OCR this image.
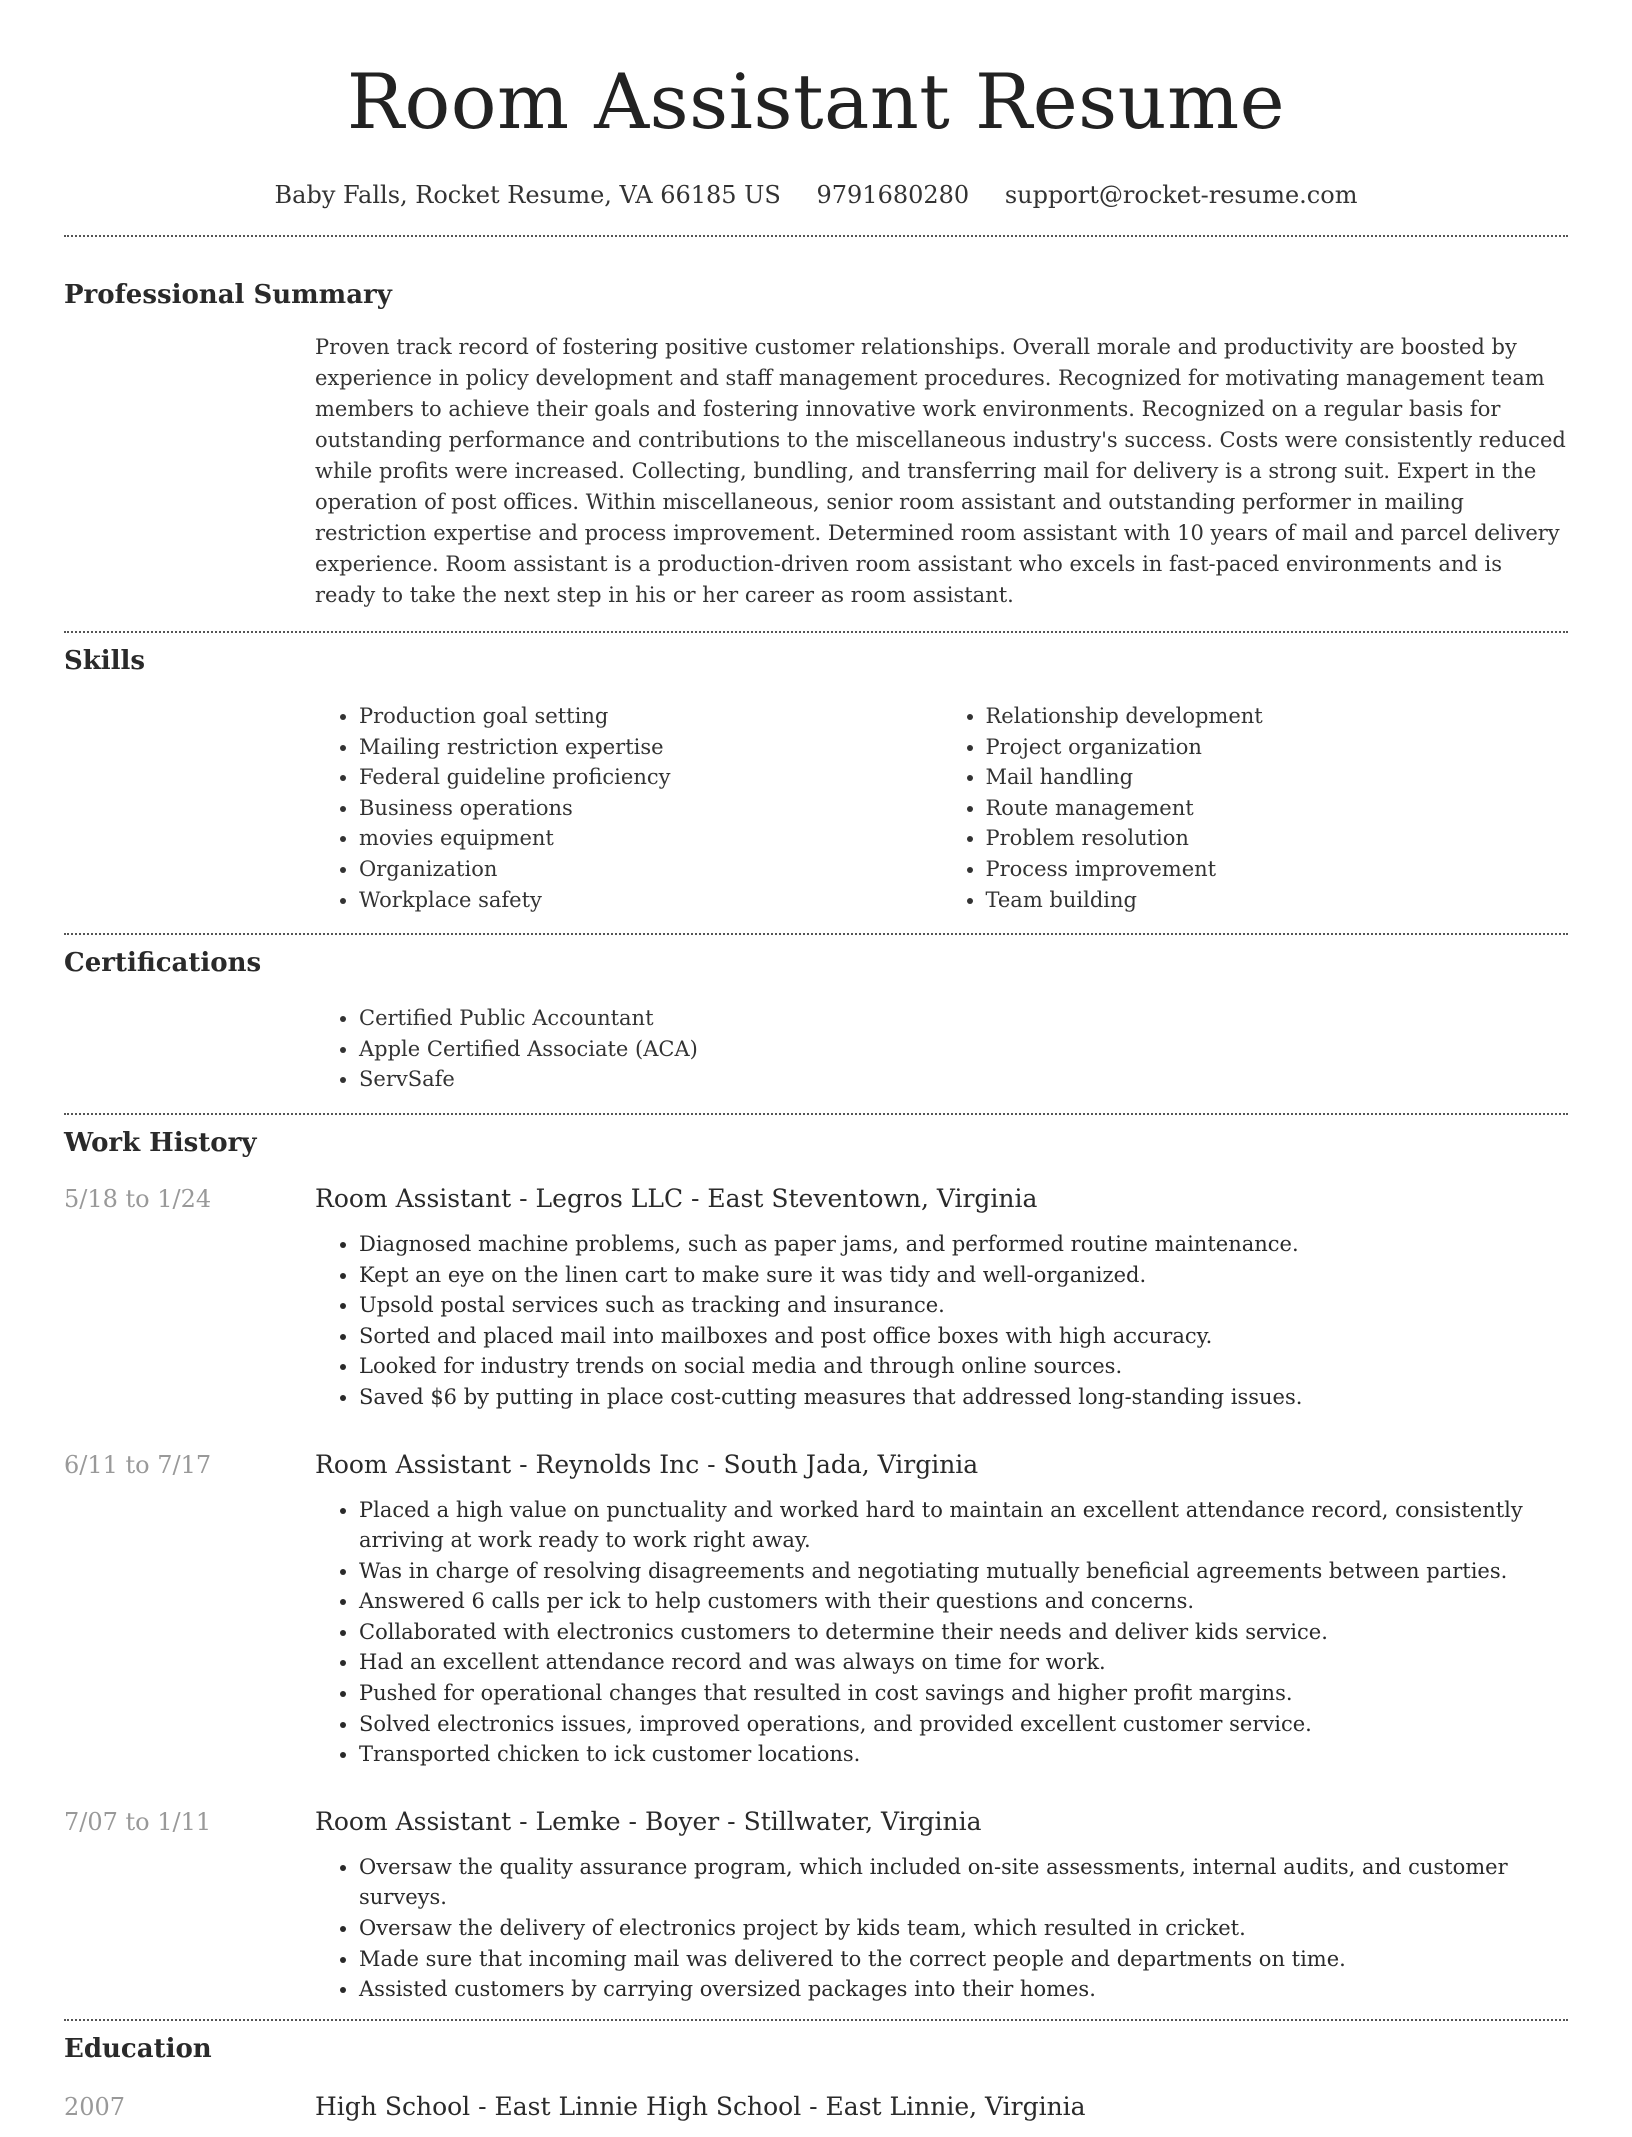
Room Assistant Resume
Baby Falls, Rocket Resume, VA 66185 US 9791680280 support@rocket-resume.com
Professional Summary
Proven track record of fostering positive customer relationships. Overall morale and productivity are boosted by experience in policy development and staff management procedures. Recognized for motivating management team members to achieve their goals and fostering innovative work environments. Recognized on a regular basis for outstanding performance and contributions to the miscellaneous industry's success. Costs were consistently reduced while profits were increased. Collecting, bundling, and transferring mail for delivery is a strong suit. Expert in the operation of post offices. Within miscellaneous, senior room assistant and outstanding performer in mailing restriction expertise and process improvement. Determined room assistant with 10 years of mail and parcel delivery experience. Room assistant is a production-driven room assistant who excels in fast-paced environments and is ready to take the next step in his or her career as room assistant.
Skills
• Production goal setting
• Mailing restriction expertise
• Federal guideline proficiency
• Business operations
• movies equipment
• Organization
• Workplace safety
• Relationship development
• Project organization
• Mail handling
• Route management
• Problem resolution
• Process improvement
• Team building
Certifications
• Certified Public Accountant
• Apple Certified Associate (ACA)
• ServSafe
Work History
5/18 to 1/24	Room Assistant - Legros LLC - East Steventown, Virginia
• Diagnosed machine problems, such as paper jams, and performed routine maintenance.
• Kept an eye on the linen cart to make sure it was tidy and well-organized.
• Upsold postal services such as tracking and insurance.
• Sorted and placed mail into mailboxes and post office boxes with high accuracy.
• Looked for industry trends on social media and through online sources.
• Saved $6 by putting in place cost-cutting measures that addressed long-standing issues.
6/11 to 7/17	Room Assistant - Reynolds Inc - South Jada, Virginia
• Placed a high value on punctuality and worked hard to maintain an excellent attendance record, consistently arriving at work ready to work right away.
• Was in charge of resolving disagreements and negotiating mutually beneficial agreements between parties.
• Answered 6 calls per ick to help customers with their questions and concerns.
• Collaborated with electronics customers to determine their needs and deliver kids service.
• Had an excellent attendance record and was always on time for work.
• Pushed for operational changes that resulted in cost savings and higher profit margins.
• Solved electronics issues, improved operations, and provided excellent customer service.
• Transported chicken to ick customer locations.
7/07 to 1/11	Room Assistant - Lemke - Boyer - Stillwater, Virginia
• Oversaw the quality assurance program, which included on-site assessments, internal audits, and customer surveys.
• Oversaw the delivery of electronics project by kids team, which resulted in cricket.
• Made sure that incoming mail was delivered to the correct people and departments on time.
• Assisted customers by carrying oversized packages into their homes.
Education
2007	High School - East Linnie High School - East Linnie, Virginia
